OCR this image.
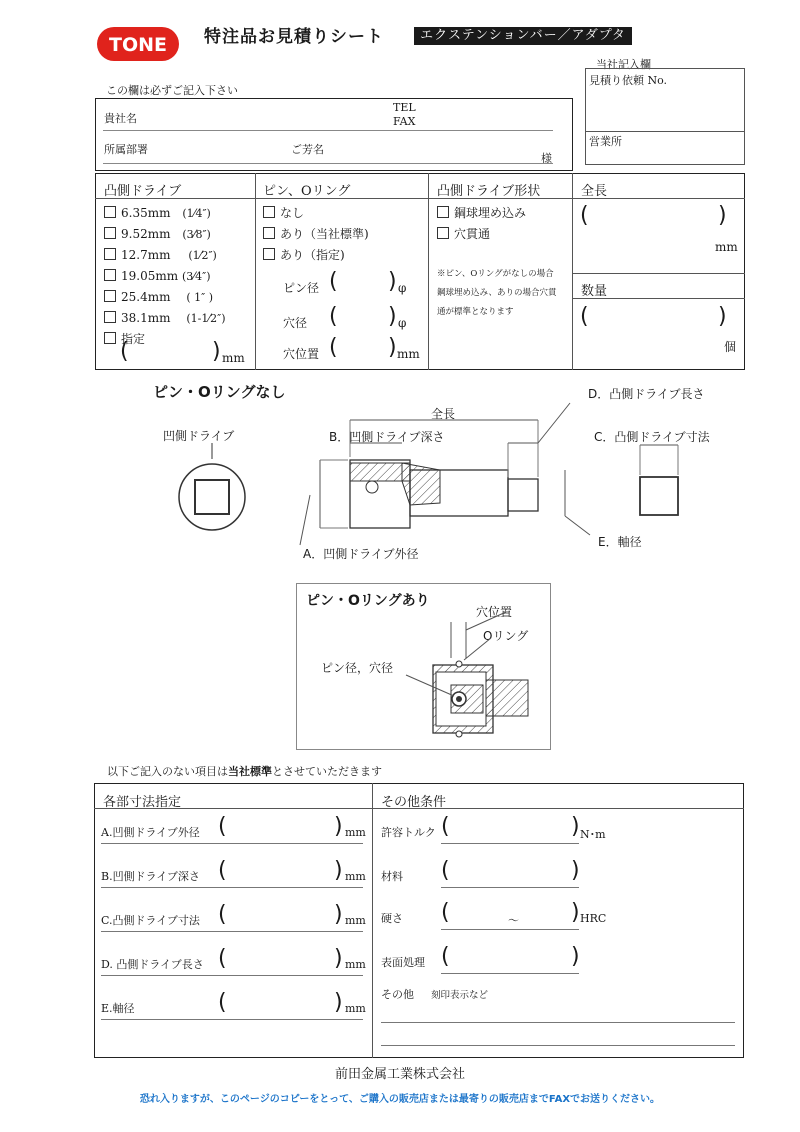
TONE 特注品お見積りシート	エクステンションバー／アダプタ
当社記入欄
見積り依頼 No.
営業所
この欄は必ずご記入下さい
貴社名
TEL
FAX
所属部署	ご芳名
様
凸側ドライブ
6.35mm (1⁄4″)
9.52mm (3⁄8″)
12.7mm (1⁄2″)
19.05mm (3⁄4″)
25.4mm ( 1″ )
38.1mm (1-1⁄2″)
指定
(	) mm
ピン、Oリング
なし
あり（当社標準)
あり（指定)
ピン径 ( ) φ
穴径 ( ) φ
穴位置 ( ) mm
凸側ドライブ形状
鋼球埋め込み
穴貫通
※ピン、Oリングがなしの場合
鋼球埋め込み、ありの場合穴貫
通が標準となります
全長
(	)
mm
数量
(	)
個
ピン・Oリングなし
凹側ドライブ
全長
B．凹側ドライブ深さ
D．凸側ドライブ長さ
C．凸側ドライブ寸法
A．凹側ドライブ外径
E．軸径
ピン・Oリングあり
穴位置
Oリング
ピン径，穴径
以下ご記入のない項目は当社標準とさせていただきます
各部寸法指定	その他条件
A.凹側ドライブ外径 (	) mm
B.凹側ドライブ深さ (	) mm
C.凸側ドライブ寸法 (	) mm
D. 凸側ドライブ長さ (	) mm
E.軸径	(	) mm
許容トルク (	) N･m
材料 (	)
硬さ (	～ ) HRC
表面処理 (	)
その他 刻印表示など
前田金属工業株式会社
恐れ入りますが、このページのコピーをとって、ご購入の販売店または最寄りの販売店までFAXでお送りください。
